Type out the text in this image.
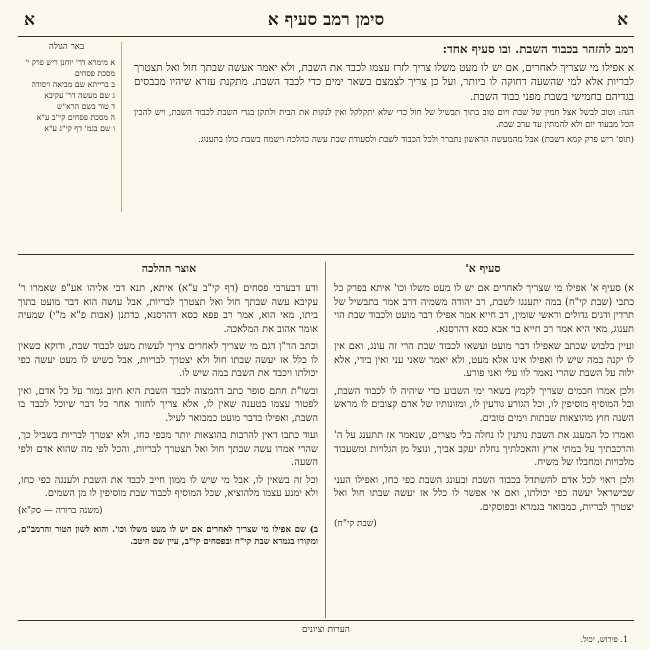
א
סימן רמב סעיף א
א
רמב להזהר בכבוד השבת. ובו סעיף אחד:
א אפילו מי שצריך לאחרים, אם יש לו מעט משלו צריך לזרז עצמו לכבד את השבת, ולא יאמר אעשה שבתך חול ואל תצטרך לבריות אלא למי שהשעה דחוקה לו ביותר, ועל כן צריך לצמצם בשאר ימים כדי לכבד השבת. מתקנת עזרא שיהיו מכבסים בגדיהם בחמישי בשבת מפני כבוד השבת.
הגה: וטוב לבשל אצל חמין של שבת ויום טוב בתוך תבשיל של חול כדי שלא יתקלקל ואין לנקות את הבית ולתקן בגדי השבת לכבוד השבת, ויש להכין הכל מבעוד יום ולא להמתין עד ערב שבת.
(תוס' ריש פרק קמא דשבת) אבל מהמעשה הראשון נתברר ולכל הכבוד לשבת ולסעודת שבת עשה כהלכה וישמח בשבת כולו בתענוג.
באר הגולה
א מימרא דר' יוחנן ריש פרק י' מסכת פסחים
ב ברייתא שם מביאה ויסודה
ג שם מעשה דר' עקיבא
ד טור בשם הרא"ש
ה מסכת פסחים קי"ב ע"א
ו שם בגמ' דף קי"ג ע"א
סעיף א'
אוצר ההלכה
א) סעיף א' אפילו מי שצריך לאחרים אם יש לו מעט משלו וכו' איתא בפרק כל כתבי (שבת קי"ח) במה יתענגו לשבת, רב יהודה משמיה דרב אמר בתבשיל של תרדין ודגים גדולים וראשי שומין, רב חייא אמר אפילו דבר מועט ולכבוד שבת הוי תענוג, מאי היא אמר רב חייא בר אבא כסא דהרסנא.
ועיין בלבוש שכתב שאפילו דבר מועט ועשאו לכבוד שבת הרי זה עונג, ואם אין לו יקנה במה שיש לו ואפילו אינו אלא מעט, ולא יאמר שאני עני ואין בידי, אלא ילוה על השבת שהרי נאמר לוו עלי ואני פורע.
ולכן אמרו חכמים שצריך לקמץ בשאר ימי השבוע כדי שיהיה לו לכבוד השבת, וכל המוסיף מוסיפין לו, וכל הגורע גורעין לו, ומזונותיו של אדם קצובים לו מראש השנה חוץ מהוצאות שבתות וימים טובים.
ואמרו כל המענג את השבת נותנין לו נחלה בלי מצרים, שנאמר אז תתענג על ה' והרכבתיך על במתי ארץ והאכלתיך נחלת יעקב אביך, ונוצל מן הגלויות ומשעבוד מלכויות ומחבלו של משיח.
ולכן ראוי לכל אדם להשתדל בכבוד השבת ובעונג השבת כפי כחו, ואפילו העני שבישראל יעשה כפי יכולתו, ואם אי אפשר לו כלל אז יעשה שבתו חול ואל יצטרך לבריות, כמבואר בגמרא ובפוסקים.
(שבת קי"ח)
ודע דבערבי פסחים (דף קי"ב ע"א) איתא, תנא דבי אליהו אע"פ שאמרו ר' עקיבא עשה שבתך חול ואל תצטרך לבריות, אבל עושה הוא דבר מועט בתוך ביתו, מאי הוא, אמר רב פפא כסא דהרסנא, כדתנן (אבות פ"א מ"י) שמעיה אומר אהוב את המלאכה.
וכתב הר"ן דגם מי שצריך לאחרים צריך לעשות מעט לכבוד שבת, ודוקא כשאין לו כלל אז יעשה שבתו חול ולא יצטרך לבריות, אבל כשיש לו מעט יעשה כפי יכולתו ויכבד את השבת במה שיש לו.
ובשו"ת חתם סופר כתב דהמצוה לכבד השבת היא חיוב גמור על כל אדם, ואין לפטור עצמו בטענה שאין לו, אלא צריך לחזור אחר כל דבר שיוכל לכבד בו השבת, ואפילו בדבר מועט כמבואר לעיל.
ועוד כתבו דאין להרבות בהוצאות יותר מכפי כחו, ולא יצטרך לבריות בשביל כך, שהרי אמרו עשה שבתך חול ואל תצטרך לבריות, והכל לפי מה שהוא אדם ולפי השעה.
וכל זה בשאין לו, אבל מי שיש לו ממון חייב לכבד את השבת ולענגה כפי כחו, ולא ימנע עצמו מלהוציא, שכל המוסיף לכבוד שבת מוסיפין לו מן השמים.
(משנה ברורה — סק"א)
ב) שם אפילו מי שצריך לאחרים אם יש לו מעט משלו וכו'. והוא לשון הטור והרמב"ם, ומקורו בגמרא שבת קי"ח ובפסחים קי"ב, עיין שם היטב.
הערות וציונים
1. פירוש, יכול.
